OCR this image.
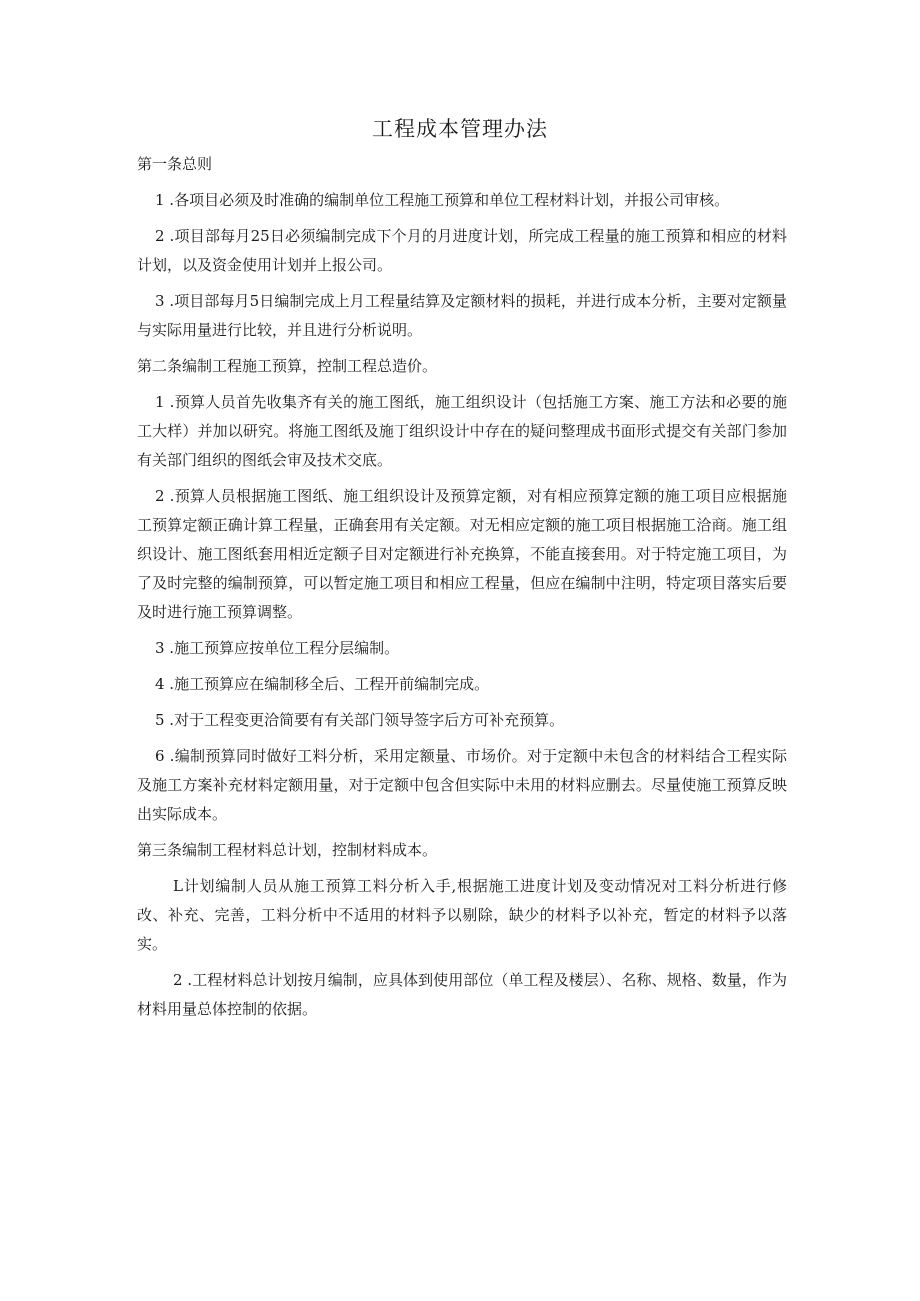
工程成本管理办法

第一条总则

1 .各项目必须及时准确的编制单位工程施工预算和单位工程材料计划，并报公司审核。

2 .项目部每月25日必须编制完成下个月的月进度计划，所完成工程量的施工预算和相应的材料计划，以及资金使用计划并上报公司。

3 .项目部每月5日编制完成上月工程量结算及定额材料的损耗，并进行成本分析，主要对定额量与实际用量进行比较，并且进行分析说明。

第二条编制工程施工预算，控制工程总造价。

1 .预算人员首先收集齐有关的施工图纸，施工组织设计（包括施工方案、施工方法和必要的施工大样）并加以研究。将施工图纸及施丁组织设计中存在的疑问整理成书面形式提交有关部门参加有关部门组织的图纸会审及技术交底。

2 .预算人员根据施工图纸、施工组织设计及预算定额，对有相应预算定额的施工项目应根据施工预算定额正确计算工程量，正确套用有关定额。对无相应定额的施工项目根据施工洽商。施工组织设计、施工图纸套用相近定额子目对定额进行补充换算，不能直接套用。对于特定施工项目，为了及时完整的编制预算，可以暂定施工项目和相应工程量，但应在编制中注明，特定项目落实后要及时进行施工预算调整。

3 .施工预算应按单位工程分层编制。

4 .施工预算应在编制移全后、工程开前编制完成。

5 .对于工程变更洽简要有有关部门领导签字后方可补充预算。

6 .编制预算同时做好工料分析，采用定额量、市场价。对于定额中未包含的材料结合工程实际及施工方案补充材料定额用量，对于定额中包含但实际中未用的材料应删去。尽量使施工预算反映出实际成本。

第三条编制工程材料总计划，控制材料成本。

L计划编制人员从施工预算工料分析入手,根据施工进度计划及变动情况对工料分析进行修改、补充、完善，工料分析中不适用的材料予以剔除，缺少的材料予以补充，暂定的材料予以落实。

2 .工程材料总计划按月编制，应具体到使用部位（单工程及楼层）、名称、规格、数量，作为材料用量总体控制的依据。
